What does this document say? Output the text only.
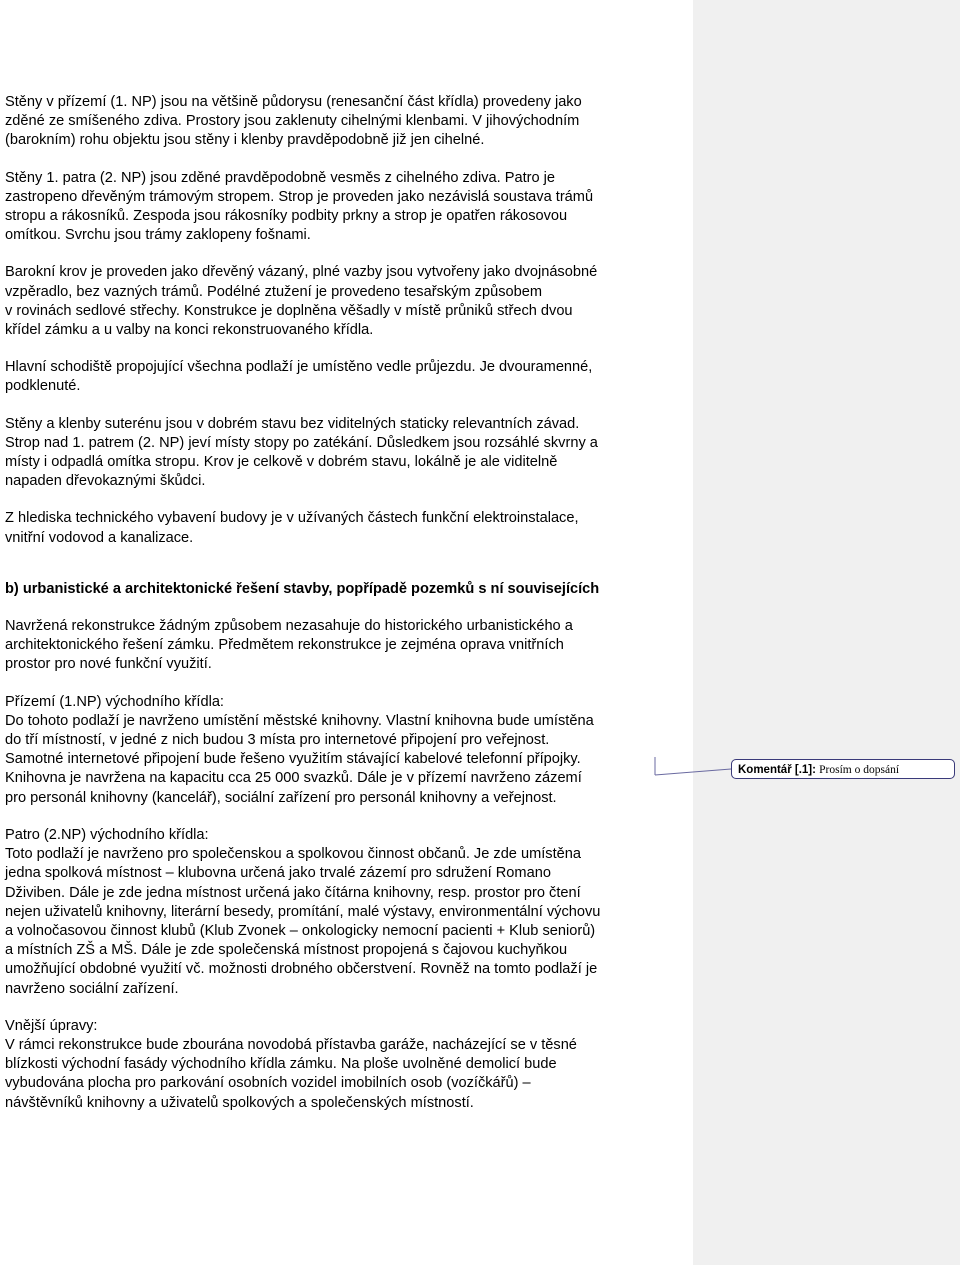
Stěny v přízemí (1. NP) jsou na většině půdorysu (renesanční část křídla) provedeny jako
zděné ze smíšeného zdiva. Prostory jsou zaklenuty cihelnými klenbami. V jihovýchodním
(barokním) rohu objektu jsou stěny i klenby pravděpodobně již jen cihelné.

Stěny 1. patra (2. NP) jsou zděné pravděpodobně vesměs z cihelného zdiva. Patro je
zastropeno dřevěným trámovým stropem. Strop je proveden jako nezávislá soustava trámů
stropu a rákosníků. Zespoda jsou rákosníky podbity prkny a strop je opatřen rákosovou
omítkou. Svrchu jsou trámy zaklopeny fošnami.

Barokní krov je proveden jako dřevěný vázaný, plné vazby jsou vytvořeny jako dvojnásobné
vzpěradlo, bez vazných trámů. Podélné ztužení je provedeno tesařským způsobem
v rovinách sedlové střechy. Konstrukce je doplněna věšadly v místě průniků střech dvou
křídel zámku a u valby na konci rekonstruovaného křídla.

Hlavní schodiště propojující všechna podlaží je umístěno vedle průjezdu. Je dvouramenné,
podklenuté.

Stěny a klenby suterénu jsou v dobrém stavu bez viditelných staticky relevantních závad.
Strop nad 1. patrem (2. NP) jeví místy stopy po zatékání. Důsledkem jsou rozsáhlé skvrny a
místy i odpadlá omítka stropu. Krov je celkově v dobrém stavu, lokálně je ale viditelně
napaden dřevokaznými škůdci.

Z hlediska technického vybavení budovy je v užívaných částech funkční elektroinstalace,
vnitřní vodovod a kanalizace.

b) urbanistické a architektonické řešení stavby, popřípadě pozemků s ní souvisejících

Navržená rekonstrukce žádným způsobem nezasahuje do historického urbanistického a
architektonického řešení zámku. Předmětem rekonstrukce je zejména oprava vnitřních
prostor pro nové funkční využití.

Přízemí (1.NP) východního křídla:
Do tohoto podlaží je navrženo umístění městské knihovny. Vlastní knihovna bude umístěna
do tří místností, v jedné z nich budou 3 místa pro internetové připojení pro veřejnost.
Samotné internetové připojení bude řešeno využitím stávající kabelové telefonní přípojky.
Knihovna je navržena na kapacitu cca 25 000 svazků. Dále je v přízemí navrženo zázemí
pro personál knihovny (kancelář), sociální zařízení pro personál knihovny a veřejnost.

Patro (2.NP) východního křídla:
Toto podlaží je navrženo pro společenskou a spolkovou činnost občanů. Je zde umístěna
jedna spolková místnost – klubovna určená jako trvalé zázemí pro sdružení Romano
Dživiben. Dále je zde jedna místnost určená jako čítárna knihovny, resp. prostor pro čtení
nejen uživatelů knihovny, literární besedy, promítání, malé výstavy, environmentální výchovu
a volnočasovou činnost klubů (Klub Zvonek – onkologicky nemocní pacienti + Klub seniorů)
a místních ZŠ a MŠ. Dále je zde společenská místnost propojená s čajovou kuchyňkou
umožňující obdobné využití vč. možnosti drobného občerstvení. Rovněž na tomto podlaží je
navrženo sociální zařízení.

Vnější úpravy:
V rámci rekonstrukce bude zbourána novodobá přístavba garáže, nacházející se v těsné
blízkosti východní fasády východního křídla zámku. Na ploše uvolněné demolicí bude
vybudována plocha pro parkování osobních vozidel imobilních osob (vozíčkářů) –
návštěvníků knihovny a uživatelů spolkových a společenských místností.

Komentář [.1]: Prosím o dopsání
